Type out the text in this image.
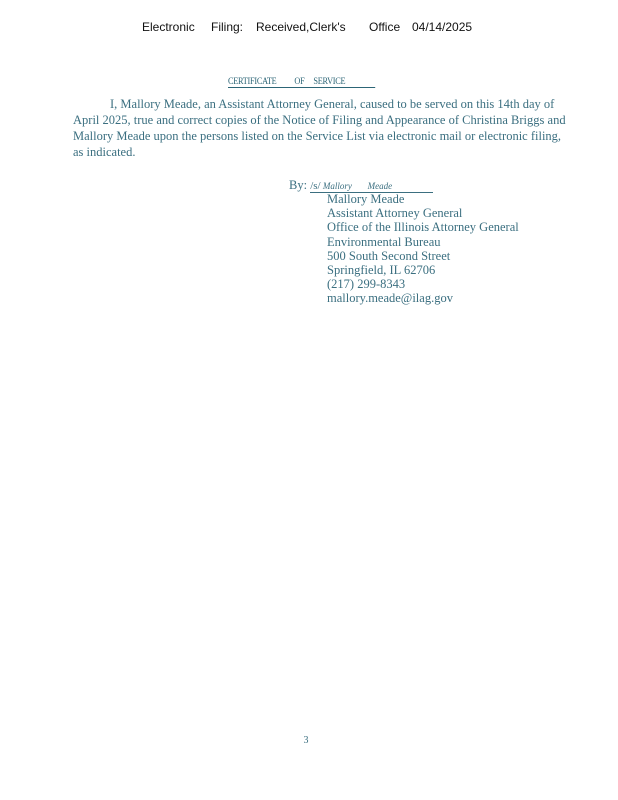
Electronic Filing: Received,Clerk's Office 04/14/2025
CERTIFICATE          OF     SERVICE
I, Mallory Meade, an Assistant Attorney General, caused to be served on this 14th day of
April 2025, true and correct copies of the Notice of Filing and Appearance of Christina Briggs and
Mallory Meade upon the persons listed on the Service List via electronic mail or electronic filing,
as indicated.
By: /s/ Mallory       Meade
Mallory Meade
Assistant Attorney General
Office of the Illinois Attorney General
Environmental Bureau
500 South Second Street
Springfield, IL 62706
(217) 299-8343
mallory.meade@ilag.gov
3
